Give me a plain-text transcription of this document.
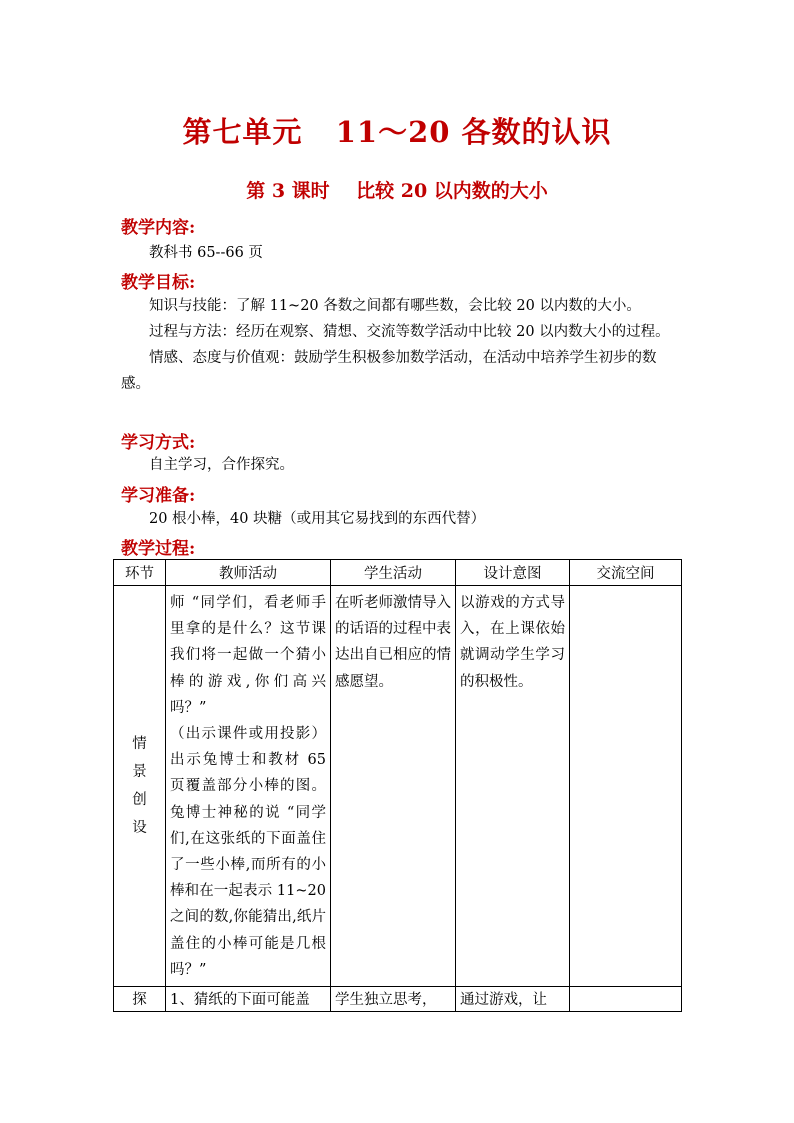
第七单元   11～20 各数的认识
第 3 课时    比较 20 以内数的大小
教学内容:

教科书 65--66 页

教学目标:

知识与技能：了解 11~20 各数之间都有哪些数，会比较 20 以内数的大小。

过程与方法：经历在观察、猜想、交流等数学活动中比较 20 以内数大小的过程。

情感、态度与价值观：鼓励学生积极参加数学活动，在活动中培养学生初步的数感。

学习方式:

自主学习，合作探究。

学习准备:

20 根小棒，40 块糖（或用其它易找到的东西代替）

教学过程:
环节	教师活动	学生活动	设计意图	交流空间

情景创设	师 “同学们，看老师手里拿的是什么？这节课我们将一起做一个猜小棒的游戏,你们高兴吗？”
（出示课件或用投影）出示兔博士和教材 65 页覆盖部分小棒的图。兔博士神秘的说 “同学们,在这张纸的下面盖住了一些小棒,而所有的小棒和在一起表示 11~20 之间的数,你能猜出,纸片盖住的小棒可能是几根吗？”	在听老师激情导入的话语的过程中表达出自已相应的情感愿望。	以游戏的方式导入，在上课依始就调动学生学习的积极性。	

探	1、猜纸的下面可能盖	学生独立思考，	通过游戏，让	
